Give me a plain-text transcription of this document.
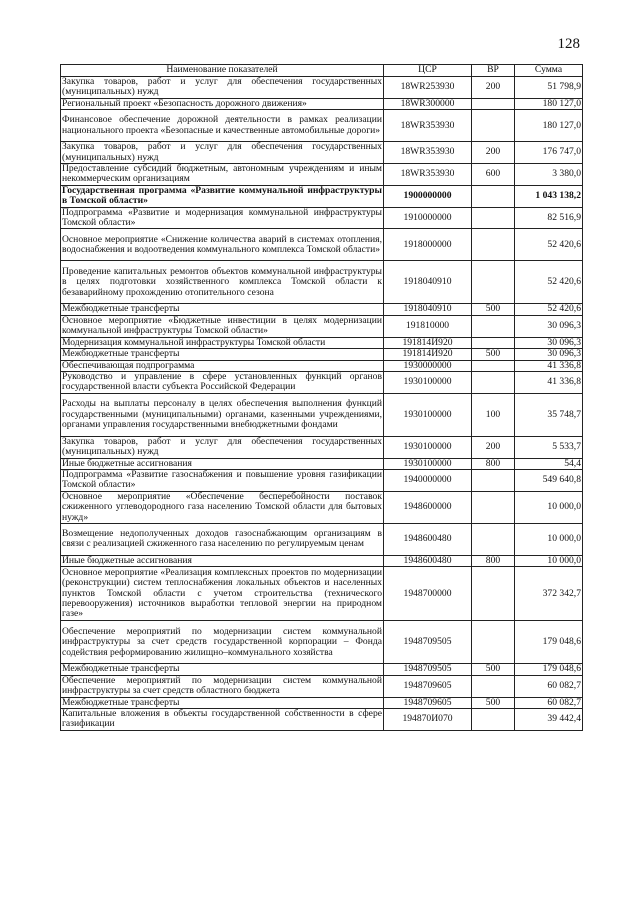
128
Наименование показателей	ЦСР	ВР	Сумма
Закупка товаров, работ и услуг для обеспечения государственных (муниципальных) нужд	18WR253930	200	51 798,9
Региональный проект «Безопасность дорожного движения»	18WR300000		180 127,0
Финансовое обеспечение дорожной деятельности в рамках реализации национального проекта «Безопасные и качественные автомобильные дороги»	18WR353930		180 127,0
Закупка товаров, работ и услуг для обеспечения государственных (муниципальных) нужд	18WR353930	200	176 747,0
Предоставление субсидий бюджетным, автономным учреждениям и иным некоммерческим организациям	18WR353930	600	3 380,0
Государственная программа «Развитие коммунальной инфраструктуры в Томской области»	1900000000		1 043 138,2
Подпрограмма «Развитие и модернизация коммунальной инфраструктуры Томской области»	1910000000		82 516,9
Основное мероприятие «Снижение количества аварий в системах отопления, водоснабжения и водоотведения коммунального комплекса Томской области»	1918000000		52 420,6
Проведение капитальных ремонтов объектов коммунальной инфраструктуры в целях подготовки хозяйственного комплекса Томской области к безаварийному прохождению отопительного сезона	1918040910		52 420,6
Межбюджетные трансферты	1918040910	500	52 420,6
Основное мероприятие «Бюджетные инвестиции в целях модернизации коммунальной инфраструктуры Томской области»	191810000		30 096,3
Модернизация коммунальной инфраструктуры Томской области	191814И920		30 096,3
Межбюджетные трансферты	191814И920	500	30 096,3
Обеспечивающая подпрограмма	1930000000		41 336,8
Руководство и управление в сфере установленных функций органов государственной власти субъекта Российской Федерации	1930100000		41 336,8
Расходы на выплаты персоналу в целях обеспечения выполнения функций государственными (муниципальными) органами, казенными учреждениями, органами управления государственными внебюджетными фондами	1930100000	100	35 748,7
Закупка товаров, работ и услуг для обеспечения государственных (муниципальных) нужд	1930100000	200	5 533,7
Иные бюджетные ассигнования	1930100000	800	54,4
Подпрограмма «Развитие газоснабжения и повышение уровня газификации Томской области»	1940000000		549 640,8
Основное мероприятие «Обеспечение бесперебойности поставок сжиженного углеводородного газа населению Томской области для бытовых нужд»	1948600000		10 000,0
Возмещение недополученных доходов газоснабжающим организациям в связи с реализацией сжиженного газа населению по регулируемым ценам	1948600480		10 000,0
Иные бюджетные ассигнования	1948600480	800	10 000,0
Основное мероприятие «Реализация комплексных проектов по модернизации (реконструкции) систем теплоснабжения локальных объектов и населенных пунктов Томской области с учетом строительства (технического перевооружения) источников выработки тепловой энергии на природном газе»	1948700000		372 342,7
Обеспечение мероприятий по модернизации систем коммунальной инфраструктуры за счет средств государственной корпорации – Фонда содействия реформированию жилищно–коммунального хозяйства	1948709505		179 048,6
Межбюджетные трансферты	1948709505	500	179 048,6
Обеспечение мероприятий по модернизации систем коммунальной инфраструктуры за счет средств областного бюджета	1948709605		60 082,7
Межбюджетные трансферты	1948709605	500	60 082,7
Капитальные вложения в объекты государственной собственности в сфере газификации	194870И070		39 442,4
